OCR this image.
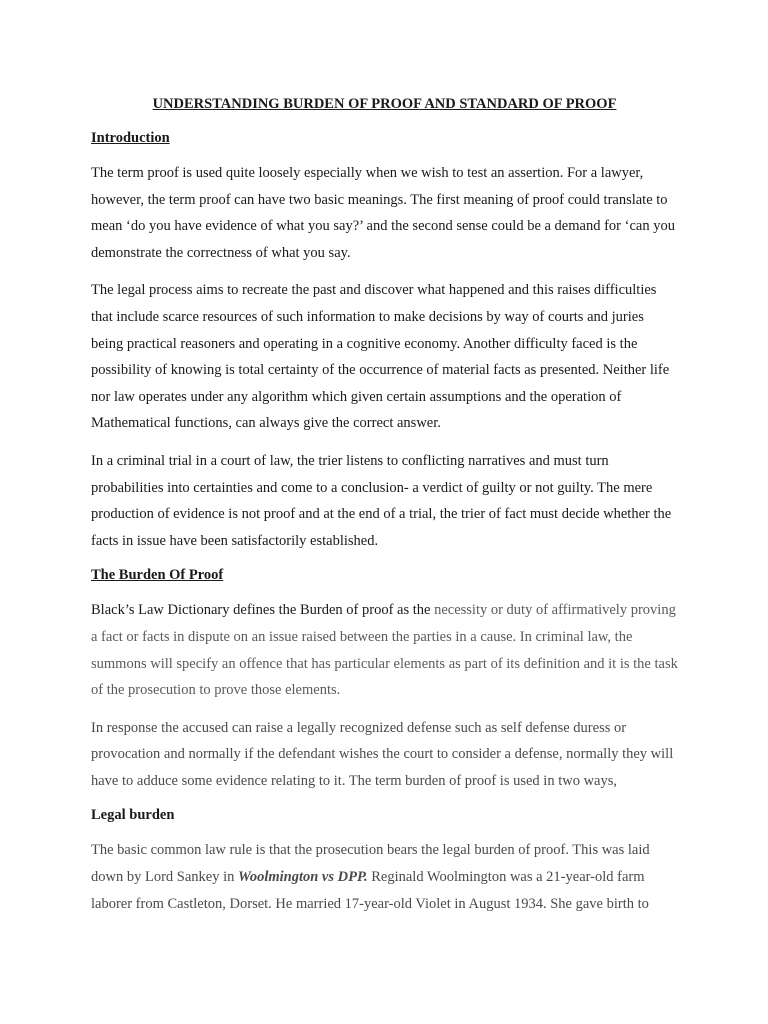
UNDERSTANDING BURDEN OF PROOF AND STANDARD OF PROOF
Introduction

The term proof is used quite loosely especially when we wish to test an assertion. For a lawyer, however, the term proof can have two basic meanings. The first meaning of proof could translate to mean ‘do you have evidence of what you say?’ and the second sense could be a demand for ‘can you demonstrate the correctness of what you say.

The legal process aims to recreate the past and discover what happened and this raises difficulties that include scarce resources of such information to make decisions by way of courts and juries being practical reasoners and operating in a cognitive economy. Another difficulty faced is the possibility of knowing is total certainty of the occurrence of material facts as presented. Neither life nor law operates under any algorithm which given certain assumptions and the operation of Mathematical functions, can always give the correct answer.

In a criminal trial in a court of law, the trier listens to conflicting narratives and must turn probabilities into certainties and come to a conclusion- a verdict of guilty or not guilty. The mere production of evidence is not proof and at the end of a trial, the trier of fact must decide whether the facts in issue have been satisfactorily established.

The Burden Of Proof

Black’s Law Dictionary defines the Burden of proof as the necessity or duty of affirmatively proving a fact or facts in dispute on an issue raised between the parties in a cause. In criminal law, the summons will specify an offence that has particular elements as part of its definition and it is the task of the prosecution to prove those elements.

In response the accused can raise a legally recognized defense such as self defense duress or provocation and normally if the defendant wishes the court to consider a defense, normally they will have to adduce some evidence relating to it. The term burden of proof is used in two ways,

Legal burden

The basic common law rule is that the prosecution bears the legal burden of proof. This was laid down by Lord Sankey in Woolmington vs DPP. Reginald Woolmington was a 21-year-old farm laborer from Castleton, Dorset. He married 17-year-old Violet in August 1934. She gave birth to
